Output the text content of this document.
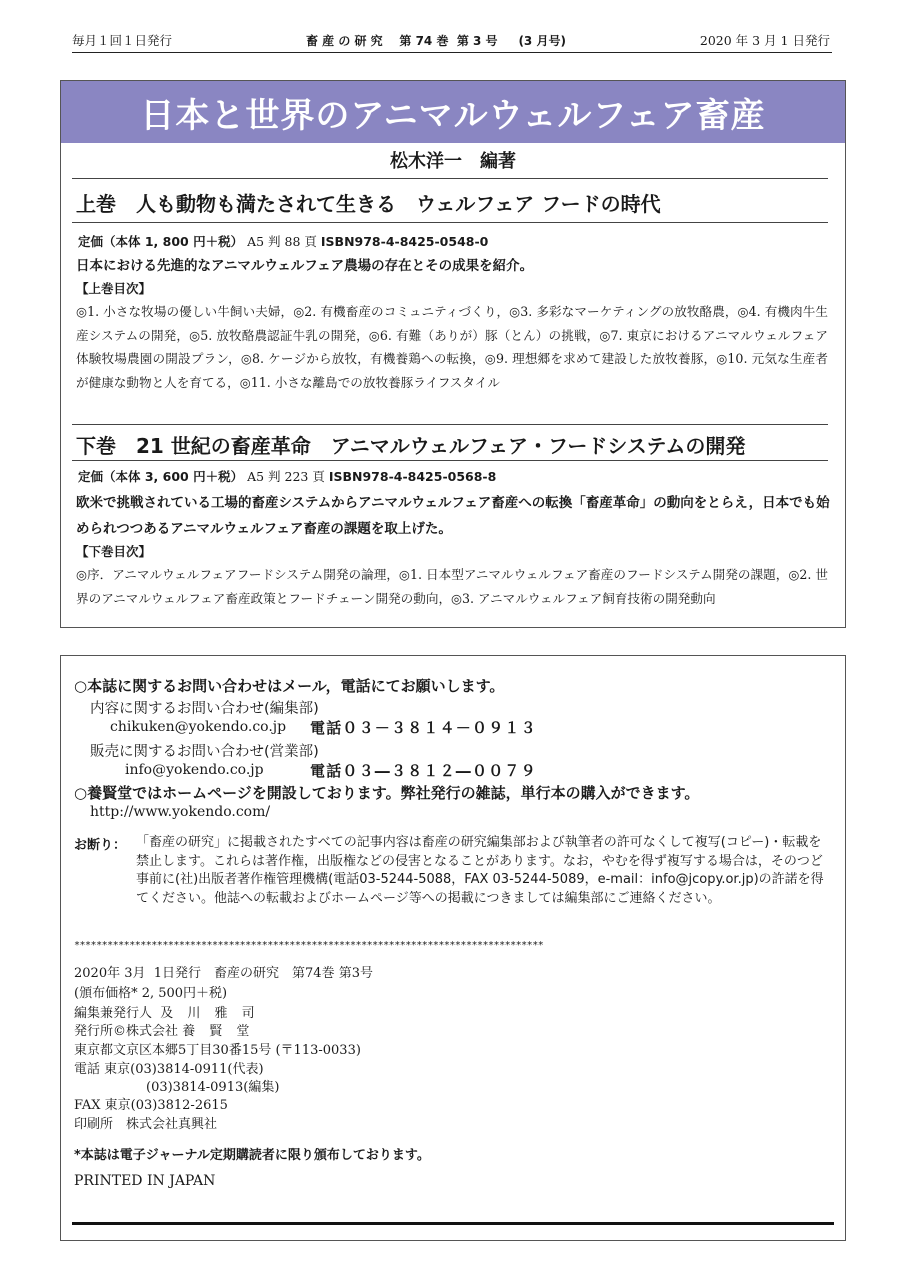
毎月１回１日発行	畜 産 の 研 究 第 74 巻 第 3 号 (3 月号)	2020 年 3 月 1 日発行
日本と世界のアニマルウェルフェア畜産
松木洋一　編著
上巻　人も動物も満たされて生きる　ウェルフェア フードの時代
定価（本体 1, 800 円＋税） A5 判 88 頁 ISBN978-4-8425-0548-0
日本における先進的なアニマルウェルフェア農場の存在とその成果を紹介。
【上巻目次】
◎1. 小さな牧場の優しい牛飼い夫婦，◎2. 有機畜産のコミュニティづくり，◎3. 多彩なマーケティングの放牧酪農，◎4. 有機肉牛生産システムの開発，◎5. 放牧酪農認証牛乳の開発，◎6. 有難（ありが）豚（とん）の挑戦，◎7. 東京におけるアニマルウェルフェア体験牧場農園の開設プラン，◎8. ケージから放牧，有機養鶏への転換，◎9. 理想郷を求めて建設した放牧養豚，◎10. 元気な生産者が健康な動物と人を育てる，◎11. 小さな離島での放牧養豚ライフスタイル
下巻　21 世紀の畜産革命　アニマルウェルフェア・フードシステムの開発
定価（本体 3, 600 円＋税） A5 判 223 頁 ISBN978-4-8425-0568-8
欧米で挑戦されている工場的畜産システムからアニマルウェルフェア畜産への転換「畜産革命」の動向をとらえ，日本でも始められつつあるアニマルウェルフェア畜産の課題を取上げた。
【下巻目次】
◎序．アニマルウェルフェアフードシステム開発の論理，◎1. 日本型アニマルウェルフェア畜産のフードシステム開発の課題，◎2. 世界のアニマルウェルフェア畜産政策とフードチェーン開発の動向，◎3. アニマルウェルフェア飼育技術の開発動向
○本誌に関するお問い合わせはメール，電話にてお願いします。
内容に関するお問い合わせ(編集部)
chikuken@yokendo.co.jp 電話０３－３８１４－０９１３
販売に関するお問い合わせ(営業部)
info@yokendo.co.jp	電話０３―３８１２―００７９
○養賢堂ではホームページを開設しております。弊社発行の雑誌，単行本の購入ができます。
http://www.yokendo.com/
お断り： 「畜産の研究」に掲載されたすべての記事内容は畜産の研究編集部および執筆者の許可なくして複写(コピー)・転載を禁止します。これらは著作権，出版権などの侵害となることがあります。なお，やむを得ず複写する場合は，そのつど事前に(社)出版者著作権管理機構(電話03-5244-5088，FAX 03-5244-5089，e-mail：info@jcopy.or.jp)の許諾を得てください。他誌への転載およびホームページ等への掲載につきましては編集部にご連絡ください。
*************************************************************************************
2020年 3月  1日発行　畜産の研究　第74巻 第3号
(頒布価格* 2, 500円＋税)
編集兼発行人 及 川 雅 司
発行所©株式会社 養 賢 堂
東京都文京区本郷5丁目30番15号 (〒113-0033)
電話 東京(03)3814-0911(代表)
(03)3814-0913(編集)
FAX 東京(03)3812-2615
印刷所　株式会社真興社
*本誌は電子ジャーナル定期購読者に限り頒布しております。
PRINTED IN JAPAN
